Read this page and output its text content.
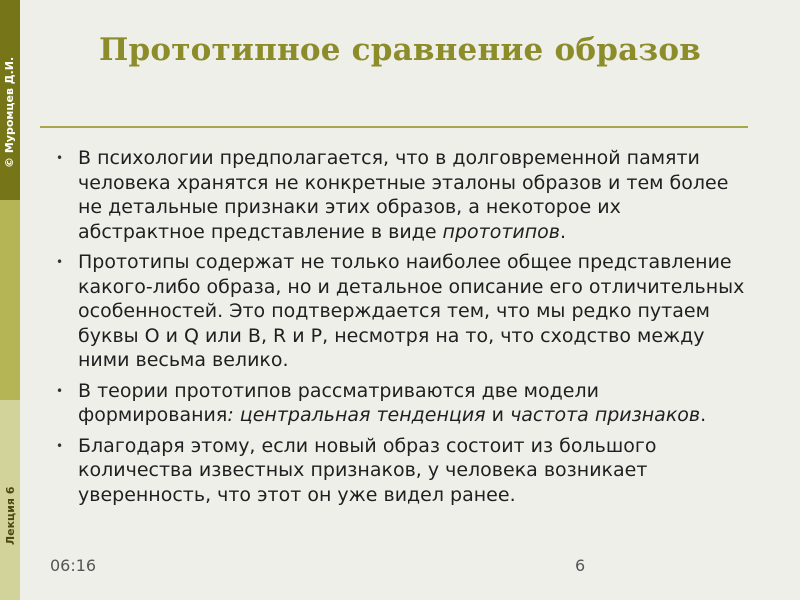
© Муромцев Д.И.
Лекция 6
Прототипное сравнение образов
• В психологии предполагается, что в долговременной памяти человека хранятся не конкретные эталоны образов и тем более не детальные признаки этих образов, а некоторое их абстрактное представление в виде прототипов.
• Прототипы содержат не только наиболее общее представление какого-либо образа, но и детальное описание его отличительных особенностей. Это подтверждается тем, что мы редко путаем буквы О и Q или B, R и P, несмотря на то, что сходство между ними весьма велико.
• В теории прототипов рассматриваются две модели формирования: центральная тенденция и частота признаков.
• Благодаря этому, если новый образ состоит из большого количества известных признаков, у человека возникает уверенность, что этот он уже видел ранее.
06:16	6
